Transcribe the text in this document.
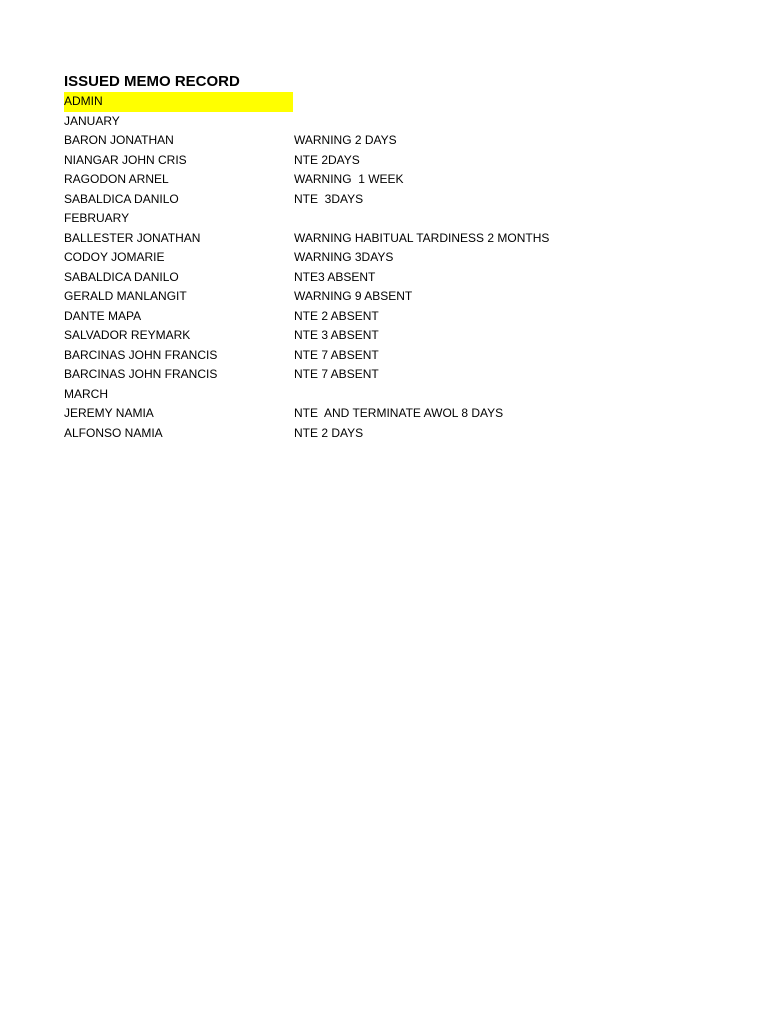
ISSUED MEMO RECORD
ADMIN
JANUARY
BARON JONATHAN	WARNING 2 DAYS
NIANGAR JOHN CRIS	NTE 2DAYS
RAGODON ARNEL	WARNING  1 WEEK
SABALDICA DANILO	NTE  3DAYS
FEBRUARY
BALLESTER JONATHAN	WARNING HABITUAL TARDINESS 2 MONTHS
CODOY JOMARIE	WARNING 3DAYS
SABALDICA DANILO	NTE3 ABSENT
GERALD MANLANGIT	WARNING 9 ABSENT
DANTE MAPA	NTE 2 ABSENT
SALVADOR REYMARK	NTE 3 ABSENT
BARCINAS JOHN FRANCIS	NTE 7 ABSENT
BARCINAS JOHN FRANCIS	NTE 7 ABSENT
MARCH
JEREMY NAMIA	NTE  AND TERMINATE AWOL 8 DAYS
ALFONSO NAMIA	NTE 2 DAYS
